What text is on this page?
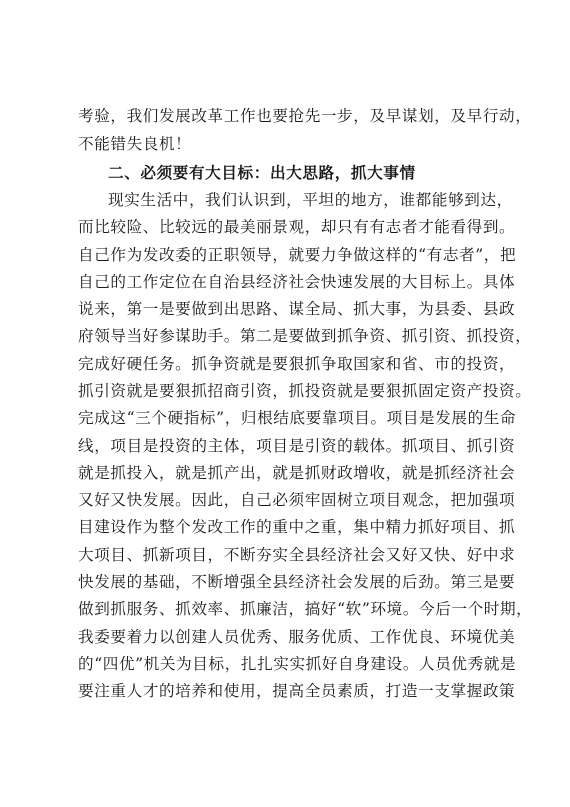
考验，我们发展改革工作也要抢先一步，及早谋划，及早行动，
不能错失良机！
二、必须要有大目标：出大思路，抓大事情
现实生活中，我们认识到，平坦的地方，谁都能够到达，
而比较险、比较远的最美丽景观，却只有有志者才能看得到。
自己作为发改委的正职领导，就要力争做这样的“有志者”，把
自己的工作定位在自治县经济社会快速发展的大目标上。具体
说来，第一是要做到出思路、谋全局、抓大事，为县委、县政
府领导当好参谋助手。第二是要做到抓争资、抓引资、抓投资，
完成好硬任务。抓争资就是要狠抓争取国家和省、市的投资，
抓引资就是要狠抓招商引资，抓投资就是要狠抓固定资产投资。
完成这“三个硬指标”，归根结底要靠项目。项目是发展的生命
线，项目是投资的主体，项目是引资的载体。抓项目、抓引资
就是抓投入，就是抓产出，就是抓财政增收，就是抓经济社会
又好又快发展。因此，自己必须牢固树立项目观念，把加强项
目建设作为整个发改工作的重中之重，集中精力抓好项目、抓
大项目、抓新项目，不断夯实全县经济社会又好又快、好中求
快发展的基础，不断增强全县经济社会发展的后劲。第三是要
做到抓服务、抓效率、抓廉洁，搞好“软”环境。今后一个时期，
我委要着力以创建人员优秀、服务优质、工作优良、环境优美
的“四优”机关为目标，扎扎实实抓好自身建设。人员优秀就是
要注重人才的培养和使用，提高全员素质，打造一支掌握政策
